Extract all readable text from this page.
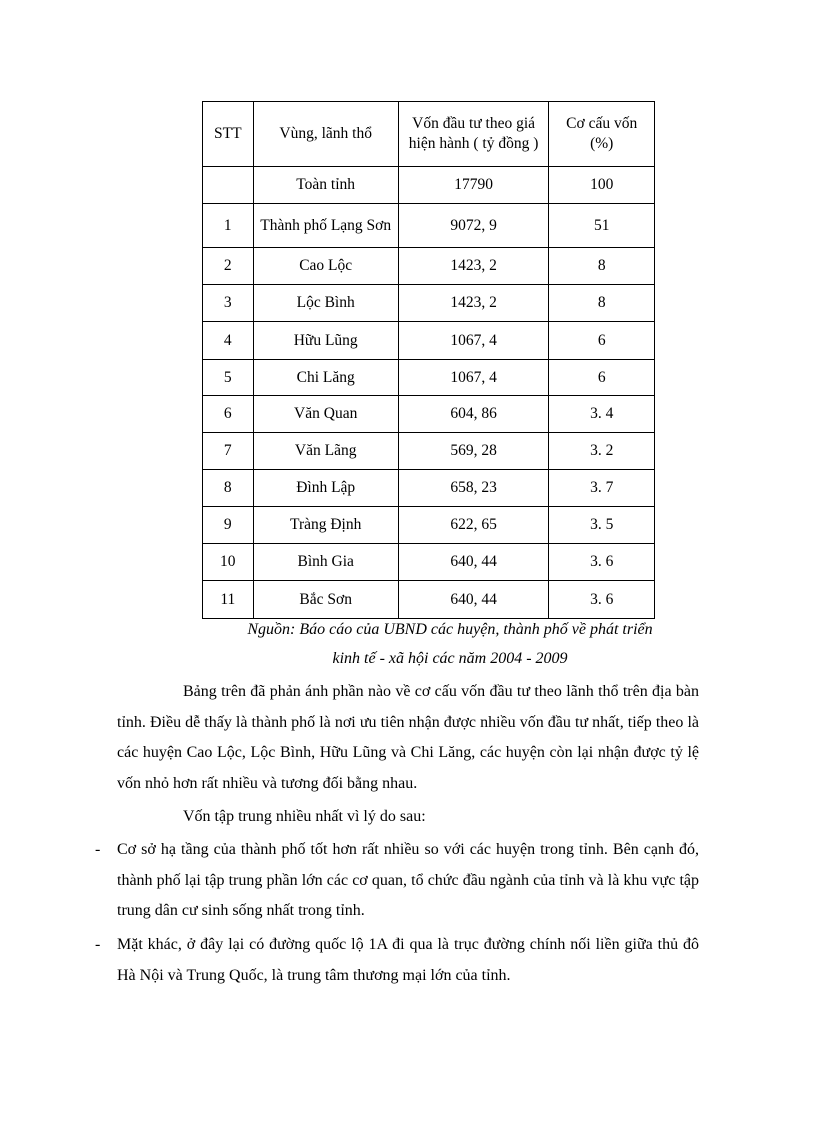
STT	Vùng, lãnh thổ	Vốn đầu tư theo giá hiện hành ( tỷ đồng )	Cơ cấu vốn (%)
	Toàn tỉnh	17790	100
1	Thành phố Lạng Sơn	9072, 9	51
2	Cao Lộc	1423, 2	8
3	Lộc Bình	1423, 2	8
4	Hữu Lũng	1067, 4	6
5	Chi Lăng	1067, 4	6
6	Văn Quan	604, 86	3. 4
7	Văn Lãng	569, 28	3. 2
8	Đình Lập	658, 23	3. 7
9	Tràng Định	622, 65	3. 5
10	Bình Gia	640, 44	3. 6
11	Bắc Sơn	640, 44	3. 6
Nguồn: Báo cáo của UBND các huyện, thành phố về phát triển
kinh tế - xã hội các năm 2004 - 2009

Bảng trên đã phản ánh phần nào về cơ cấu vốn đầu tư theo lãnh thổ trên địa bàn tỉnh. Điều dễ thấy là thành phố là nơi ưu tiên nhận được nhiều vốn đầu tư nhất, tiếp theo là các huyện Cao Lộc, Lộc Bình, Hữu Lũng và Chi Lăng, các huyện còn lại nhận được tỷ lệ vốn nhỏ hơn rất nhiều và tương đối bằng nhau.

Vốn tập trung nhiều nhất vì lý do sau:

- Cơ sở hạ tầng của thành phố tốt hơn rất nhiều so với các huyện trong tỉnh. Bên cạnh đó, thành phố lại tập trung phần lớn các cơ quan, tổ chức đầu ngành của tỉnh và là khu vực tập trung dân cư sinh sống nhất trong tỉnh.
- Mặt khác, ở đây lại có đường quốc lộ 1A đi qua là trục đường chính nối liền giữa thủ đô Hà Nội và Trung Quốc, là trung tâm thương mại lớn của tỉnh.
